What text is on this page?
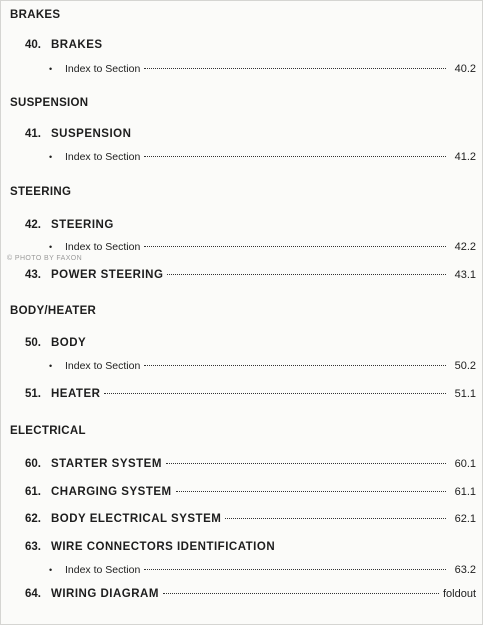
BRAKES
40. BRAKES
•	Index to Section	40.2
SUSPENSION
41. SUSPENSION
•	Index to Section	41.2
STEERING
42. STEERING
•	Index to Section	42.2
© PHOTO BY FAXON
43. POWER STEERING	43.1
BODY/HEATER
50. BODY
•	Index to Section	50.2
51. HEATER	51.1
ELECTRICAL
60. STARTER SYSTEM	60.1
61. CHARGING SYSTEM	61.1
62. BODY ELECTRICAL SYSTEM	62.1
63. WIRE CONNECTORS IDENTIFICATION
•	Index to Section	63.2
64. WIRING DIAGRAM	foldout
